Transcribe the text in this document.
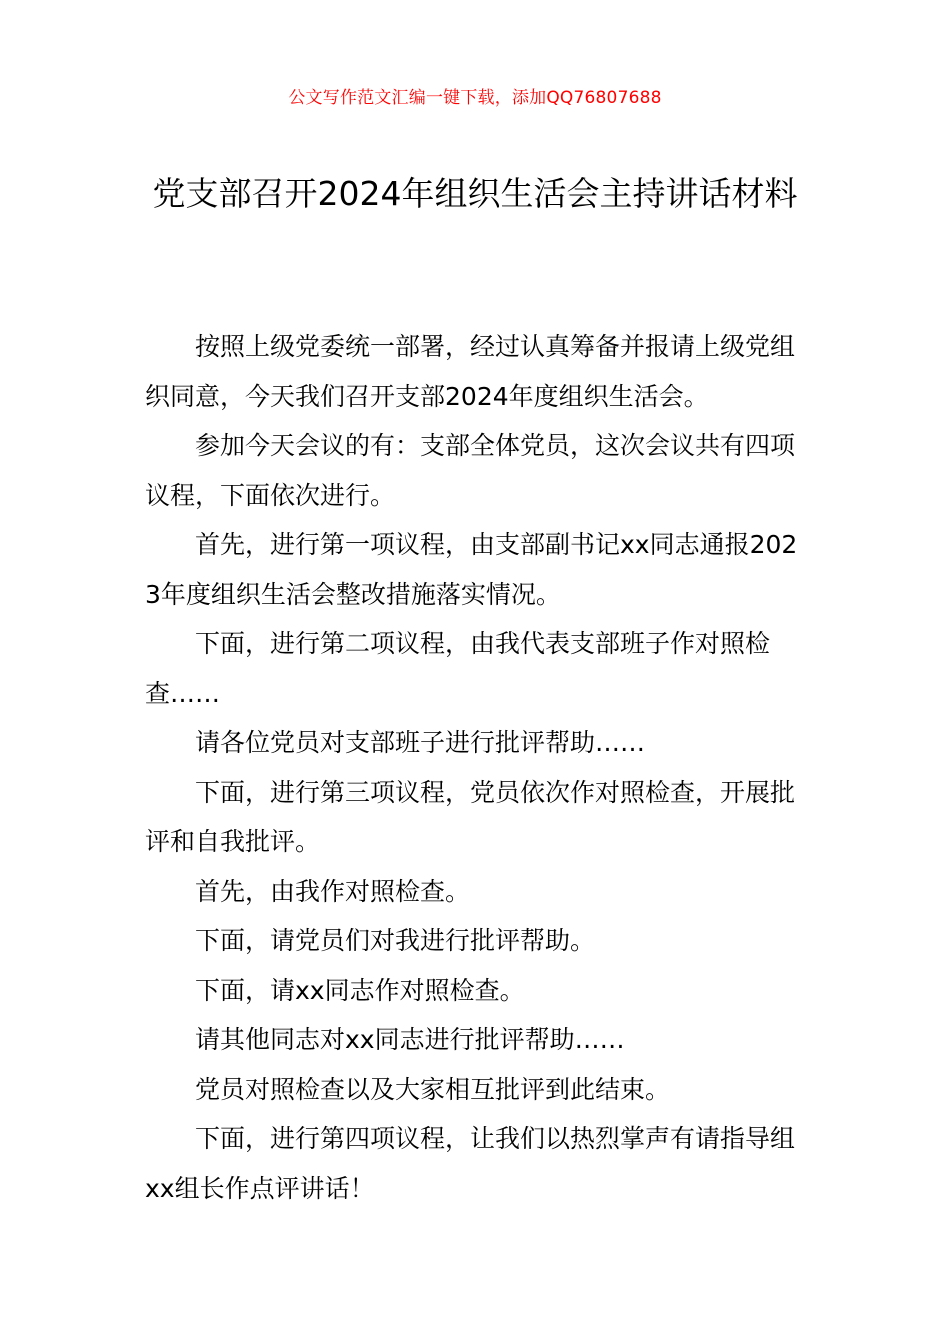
公文写作范文汇编一键下载，添加QQ76807688
党支部召开2024年组织生活会主持讲话材料

按照上级党委统一部署，经过认真筹备并报请上级党组织同意，今天我们召开支部2024年度组织生活会。

参加今天会议的有：支部全体党员，这次会议共有四项议程，下面依次进行。

首先，进行第一项议程，由支部副书记xx同志通报2023年度组织生活会整改措施落实情况。

下面，进行第二项议程，由我代表支部班子作对照检查……

请各位党员对支部班子进行批评帮助……

下面，进行第三项议程，党员依次作对照检查，开展批评和自我批评。

首先，由我作对照检查。

下面，请党员们对我进行批评帮助。

下面，请xx同志作对照检查。

请其他同志对xx同志进行批评帮助……

党员对照检查以及大家相互批评到此结束。

下面，进行第四项议程，让我们以热烈掌声有请指导组xx组长作点评讲话！
